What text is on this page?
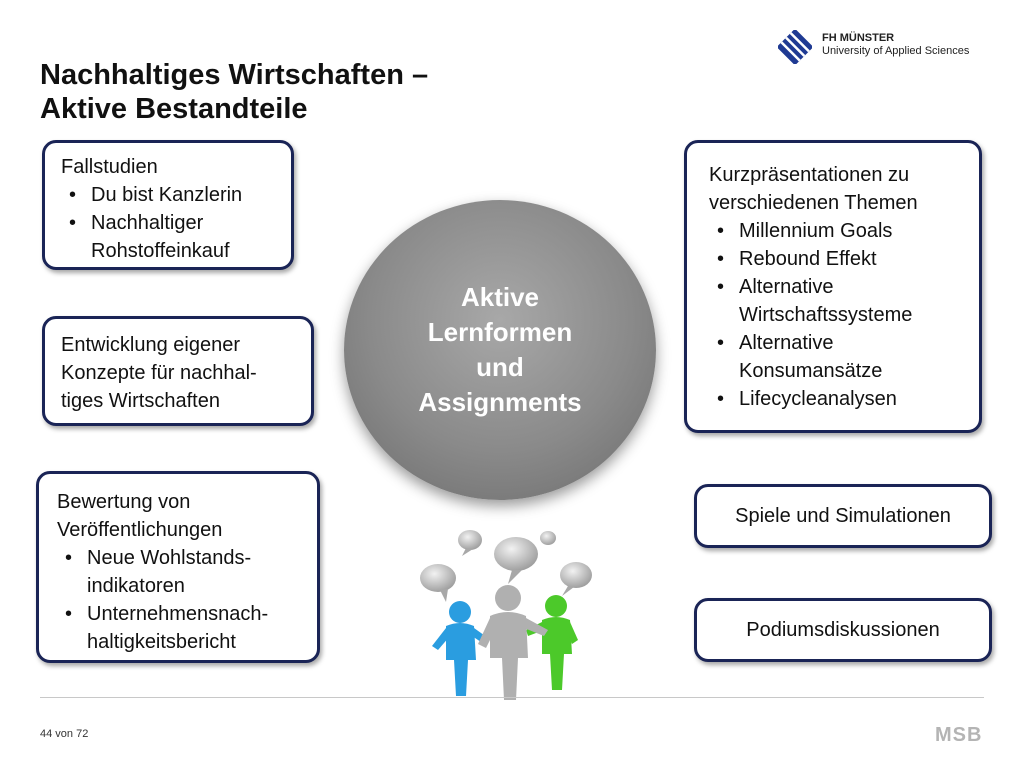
FH MÜNSTER
University of Applied Sciences
Nachhaltiges Wirtschaften –
Aktive Bestandteile
Fallstudien
• Du bist Kanzlerin
• Nachhaltiger Rohstoffeinkauf
Entwicklung eigener
Konzepte für nachhal-
tiges Wirtschaften
Bewertung von
Veröffentlichungen
• Neue Wohlstands-indikatoren
• Unternehmensnach-haltigkeitsbericht
Aktive
Lernformen
und
Assignments
Kurzpräsentationen zu
verschiedenen Themen
• Millennium Goals
• Rebound Effekt
• Alternative Wirtschaftssysteme
• Alternative Konsumansätze
• Lifecycleanalysen
Spiele und Simulationen
Podiumsdiskussionen
44 von 72	MSB
